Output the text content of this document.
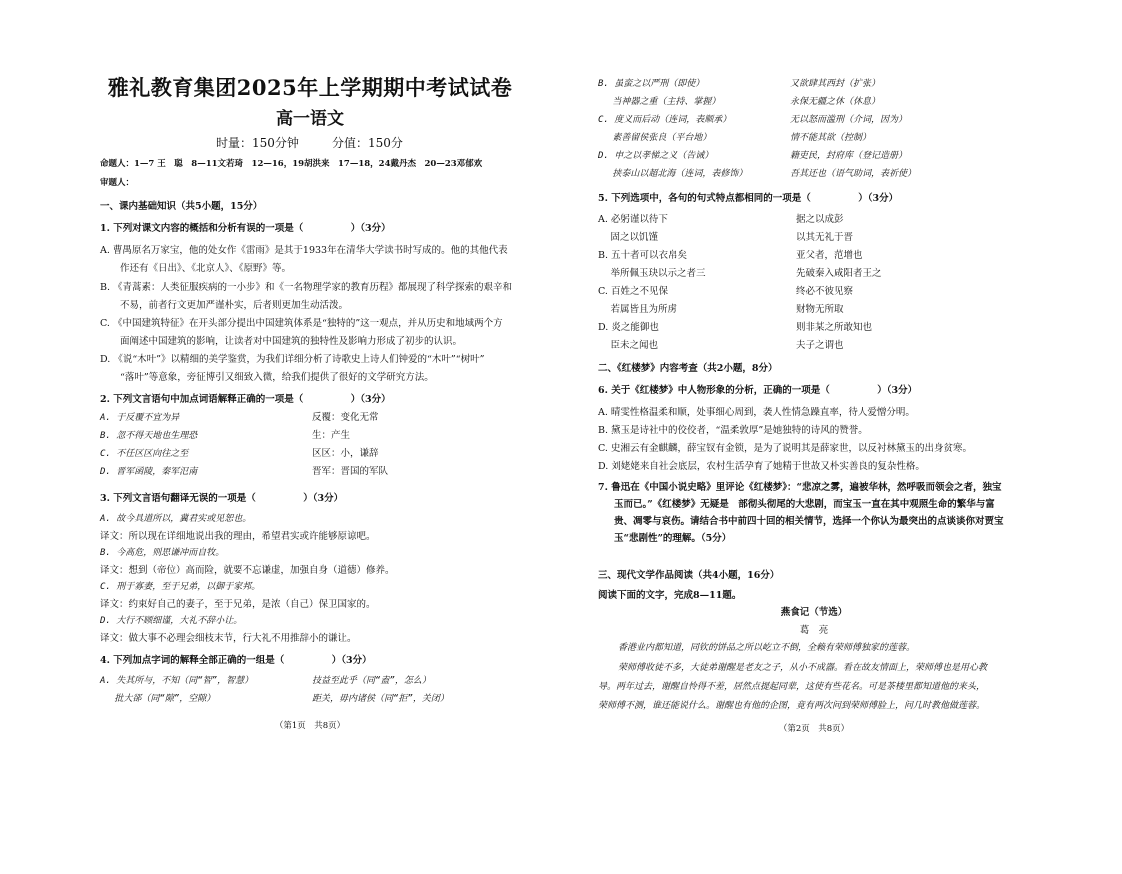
雅礼教育集团2025年上学期期中考试试卷
高一语文
时量：150分钟	分值：150分
命题人：1—7 王　聪　8—11文若琦　12—16，19胡洪来　17—18，24戴丹杰　20—23邓郁欢
审题人：
一、课内基础知识（共5小题，15分）
1. 下列对课文内容的概括和分析有误的一项是（　　　　　）（3分）
A. 曹禺原名万家宝，他的处女作《雷雨》是其于1933年在清华大学读书时写成的。他的其他代表
作还有《日出》、《北京人》、《原野》等。
B. 《青蒿素：人类征服疾病的一小步》和《一名物理学家的教育历程》都展现了科学探索的艰辛和
不易，前者行文更加严谨朴实，后者则更加生动活泼。
C. 《中国建筑特征》在开头部分提出中国建筑体系是“独特的”这一观点，并从历史和地域两个方
面阐述中国建筑的影响，让读者对中国建筑的独特性及影响力形成了初步的认识。
D. 《说“木叶”》以精细的美学鉴赏，为我们详细分析了诗歌史上诗人们钟爱的“木叶”“树叶”
“落叶”等意象，旁征博引又细致入微，给我们提供了很好的文学研究方法。
2. 下列文言语句中加点词语解释正确的一项是（　　　　　）（3分）
A. 于反覆不宜为异	反覆：变化无常
B. 忽不得天地也生理恐	生：产生
C. 不任区区向往之至	区区：小，谦辞
D. 晋军函陵，秦军氾南	晋军：晋国的军队
3. 下列文言语句翻译无误的一项是（　　　　　）（3分）
A. 故今具道所以，冀君实或见恕也。
译文：所以现在详细地说出我的理由，希望君实或许能够原谅吧。
B. 今高危，则思谦冲而自牧。
译文：想到（帝位）高而险，就要不忘谦虚，加强自身（道德）修养。
C. 刑于寡妻，至于兄弟，以御于家邦。
译文：约束好自己的妻子，至于兄弟，是浓（自己）保卫国家的。
D. 大行不顾细谨，大礼不辞小让。
译文：做大事不必理会细枝末节，行大礼不用推辞小的谦让。
4. 下列加点字词的解释全部正确的一组是（　　　　　）（3分）
A. 失其所与，不知（同“智”，智慧）	技益至此乎（同“盍”，怎么）
　 批大郤（同“隙”，空隙）	距关，毋内诸侯（同“拒”，关闭）
（第1页　共8页）
B. 虽蛮之以严刑（即使）	又欲肆其西封（扩张）
　 当神器之重（主持、掌握）	永保无疆之休（休息）
C. 度义而后动（连词，表顺承）	无以怒而滥刑（介词，因为）
　 素善留侯张良（平台地）	情不能其欲（控制）
D. 申之以孝悌之义（告诫）	籍吏民，封府库（登记造册）
　 挟泰山以超北海（连词，表修饰）	吾其还也（语气助词，表祈使）
5. 下列选项中，各句的句式特点都相同的一项是（　　　　　）（3分）
A. 必躬谨以待下	据之以成彭
　 固之以饥馑	以其无礼于晋
B. 五十者可以衣帛矣	亚父者，范增也
　 举所佩玉玦以示之者三	先破秦入咸阳者王之
C. 百姓之不见保	终必不彼见察
　 若属皆且为所虏	财物无所取
D. 炎之能御也	则非某之所敢知也
　 臣未之闻也	夫子之谓也
二、《红楼梦》内容考查（共2小题，8分）
6. 关于《红楼梦》中人物形象的分析，正确的一项是（　　　　　）（3分）
A. 晴雯性格温柔和顺，处事细心周到，袭人性情急躁直率，待人爱憎分明。
B. 黛玉是诗社中的佼佼者，“温柔敦厚”是她独特的诗风的赞誉。
C. 史湘云有金麒麟，薛宝钗有金锁，是为了说明其是薛家世，以反衬林黛玉的出身贫寒。
D. 刘姥姥来自社会底层，农村生活孕育了她精于世故又朴实善良的复杂性格。
7. 鲁迅在《中国小说史略》里评论《红楼梦》：“悲凉之雾，遍被华林，然呼吸而领会之者，独宝
玉而已。”《红楼梦》无疑是　部彻头彻尾的大悲剧，而宝玉一直在其中观照生命的繁华与富
贵、凋零与哀伤。请结合书中前四十回的相关情节，选择一个你认为最突出的点谈谈你对贾宝
玉“悲剧性”的理解。（5分）
三、现代文学作品阅读（共4小题，16分）
阅读下面的文字，完成8—11题。
燕食记（节选）
葛　亮
香港业内都知道，同钦的饼品之所以屹立不倒，全赖有荣师傅独家的莲蓉。
荣师傅收徒不多，大徒弟谢醒是老友之子，从小不成器。看在故友情面上，荣师傅也是用心教
导。两年过去，谢醒自怜得不差，居然点提起同辈，这使有些花名。可是茶楼里都知道他的来头，
荣师傅不测，谁还能说什么。谢醒也有他的企图，竟有两次问到荣师傅脸上，问几时教他做莲蓉。
（第2页　共8页）
